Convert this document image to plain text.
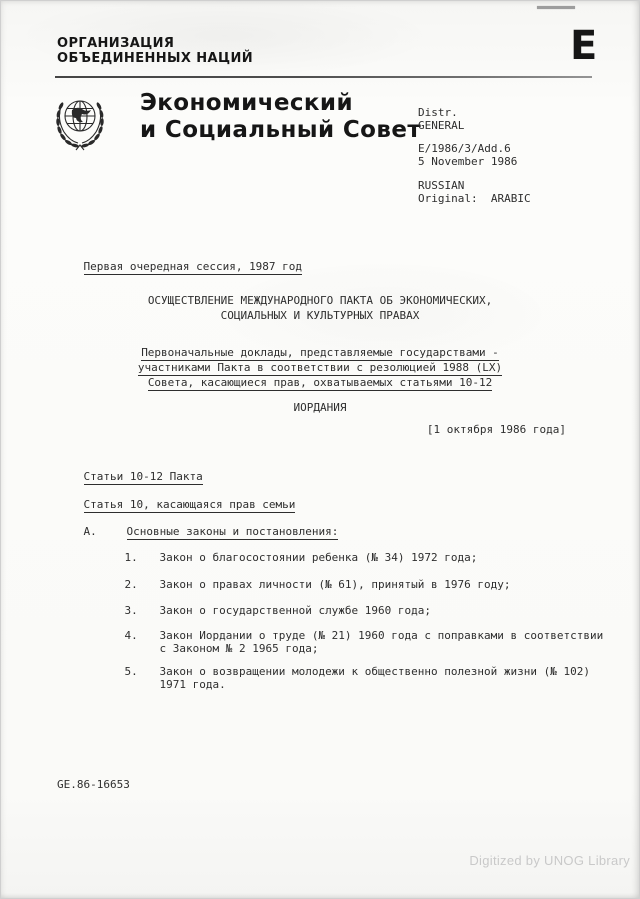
ОРГАНИЗАЦИЯ
ОБЪЕДИНЕННЫХ НАЦИЙ	E
Экономический
и Социальный Совет
Distr.
GENERAL
E/1986/3/Add.6
5 November 1986
RUSSIAN
Original:  ARABIC

Первая очередная сессия, 1987 год

ОСУЩЕСТВЛЕНИЕ МЕЖДУНАРОДНОГО ПАКТА ОБ ЭКОНОМИЧЕСКИХ,
СОЦИАЛЬНЫХ И КУЛЬТУРНЫХ ПРАВАХ
Первоначальные доклады, представляемые государствами -
участниками Пакта в соответствии с резолюцией 1988 (LX)
Совета, касающиеся прав, охватываемых статьями 10-12
ИОРДАНИЯ
[1 октября 1986 года]

Статьи 10-12 Пакта

Статья 10, касающаяся прав семьи

А.	Основные законы и постановления:

1. Закон о благосостоянии ребенка (№ 34) 1972 года;

2. Закон о правах личности (№ 61), принятый в 1976 году;

3. Закон о государственной службе 1960 года;

4. Закон Иордании о труде (№ 21) 1960 года с поправками в соответствии с Законом № 2 1965 года;

5. Закон о возвращении молодежи к общественно полезной жизни (№ 102) 1971 года.

GE.86-16653
Digitized by UNOG Library
